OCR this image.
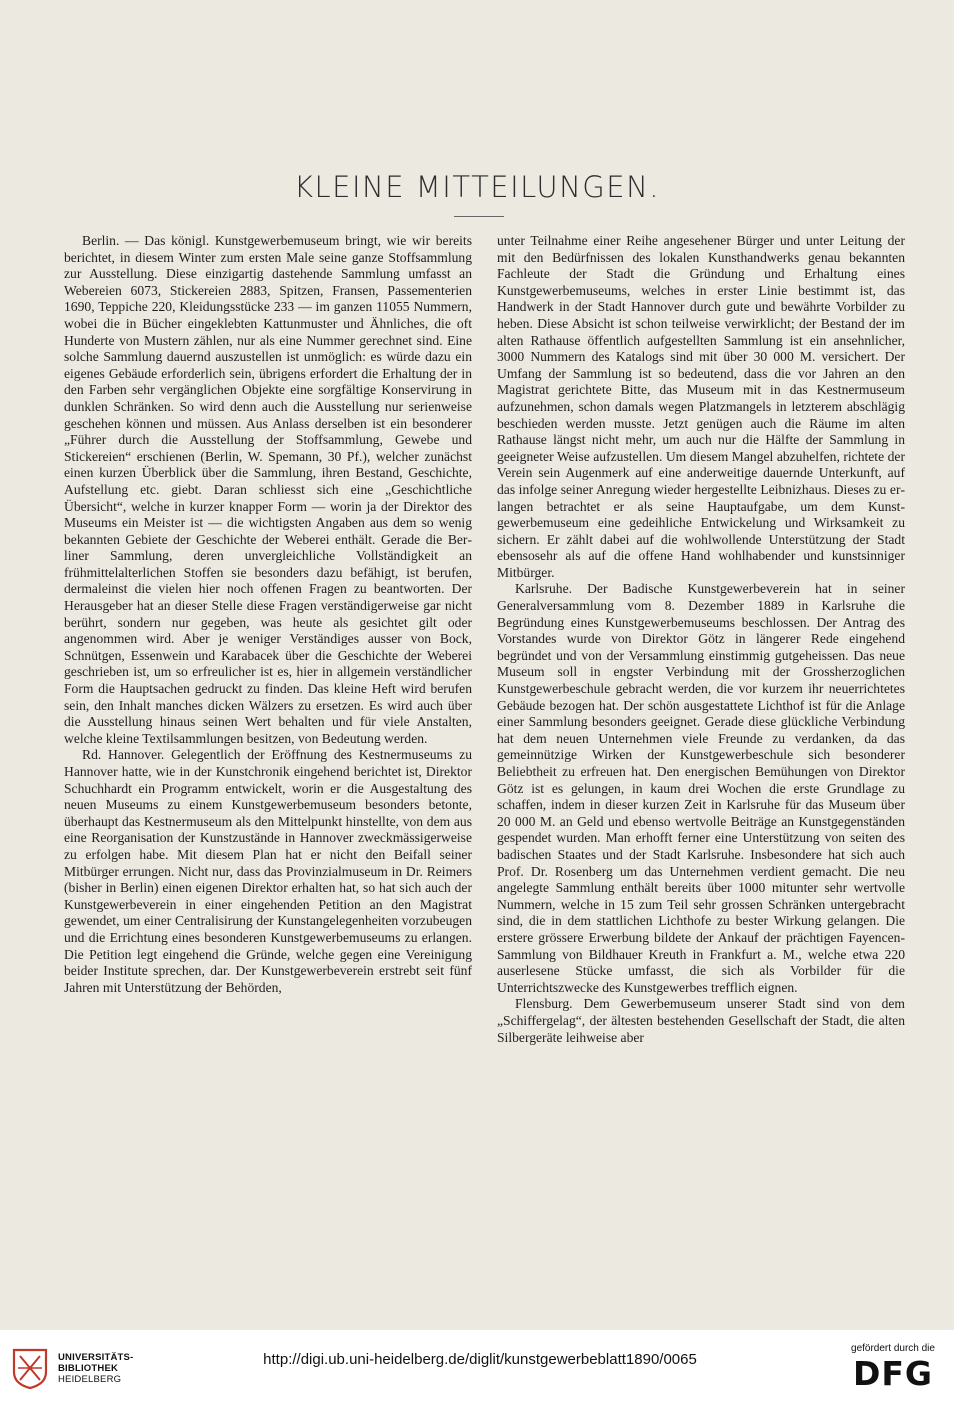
KLEINE MITTEILUNGEN.

Berlin. — Das königl. Kunstgewerbemuseum bringt, wie wir bereits berichtet, in diesem Winter zum ersten Male seine ganze Stoffsammlung zur Ausstellung. Diese einzigartig dastehende Sammlung umfasst an Webereien 6073, Stickereien 2883, Spitzen, Fransen, Passementerien 1690, Teppiche 220, Kleidungsstücke 233 — im ganzen 11055 Nummern, wobei die in Bücher eingeklebten Kattunmuster und Ähnliches, die oft Hunderte von Mustern zählen, nur als eine Nummer gerechnet sind. Eine solche Sammlung dauernd auszustellen ist unmöglich: es würde dazu ein eigenes Gebäude erforderlich sein, übrigens erfordert die Erhaltung der in den Farben sehr vergänglichen Objekte eine sorgfältige Konservirung in dunklen Schränken. So wird denn auch die Ausstellung nur serienweise geschehen können und müssen. Aus Anlass derselben ist ein besonderer „Führer durch die Ausstellung der Stoffsammlung, Gewebe und Stickereien“ erschienen (Berlin, W. Spemann, 30 Pf.), welcher zunächst einen kurzen Überblick über die Sammlung, ihren Bestand, Geschichte, Aufstellung etc. giebt. Daran schliesst sich eine „Geschichtliche Übersicht“, welche in kurzer knapper Form — worin ja der Direktor des Museums ein Meister ist — die wichtigsten Angaben aus dem so wenig bekannten Gebiete der Geschichte der Weberei enthält. Gerade die Berliner Sammlung, deren unvergleichliche Vollständigkeit an frühmittelalterlichen Stoffen sie besonders dazu befähigt, ist berufen, dermaleinst die vielen hier noch offenen Fragen zu beantworten. Der Herausgeber hat an dieser Stelle diese Fragen verständigerweise gar nicht berührt, sondern nur gegeben, was heute als gesichtet gilt oder angenommen wird. Aber je weniger Verständiges ausser von Bock, Schnütgen, Essenwein und Karabacek über die Geschichte der Weberei geschrieben ist, um so erfreulicher ist es, hier in allgemein verständlicher Form die Hauptsachen gedruckt zu finden. Das kleine Heft wird berufen sein, den Inhalt manches dicken Wälzers zu ersetzen. Es wird auch über die Ausstellung hinaus seinen Wert behalten und für viele Anstalten, welche kleine Textilsammlungen besitzen, von Bedeutung werden.

Rd. Hannover. Gelegentlich der Eröffnung des Kestnermuseums zu Hannover hatte, wie in der Kunstchronik eingehend berichtet ist, Direktor Schuchhardt ein Programm entwickelt, worin er die Ausgestaltung des neuen Museums zu einem Kunstgewerbemuseum besonders betonte, überhaupt das Kestnermuseum als den Mittelpunkt hinstellte, von dem aus eine Reorganisation der Kunstzustände in Hannover zweckmässigerweise zu erfolgen habe. Mit diesem Plan hat er nicht den Beifall seiner Mitbürger errungen. Nicht nur, dass das Provinzialmuseum in Dr. Reimers (bisher in Berlin) einen eigenen Direktor erhalten hat, so hat sich auch der Kunstgewerbeverein in einer eingehenden Petition an den Magistrat gewendet, um einer Centralisirung der Kunstangelegenheiten vorzubeugen und die Errichtung eines besonderen Kunstgewerbemuseums zu erlangen. Die Petition legt eingehend die Gründe, welche gegen eine Vereinigung beider Institute sprechen, dar. Der Kunstgewerbeverein erstrebt seit fünf Jahren mit Unterstützung der Behörden,

unter Teilnahme einer Reihe angesehener Bürger und unter Leitung der mit den Bedürfnissen des lokalen Kunsthandwerks genau bekannten Fachleute der Stadt die Gründung und Erhaltung eines Kunstgewerbemuseums, welches in erster Linie bestimmt ist, das Handwerk in der Stadt Hannover durch gute und bewährte Vorbilder zu heben. Diese Absicht ist schon teilweise verwirklicht; der Bestand der im alten Rathause öffentlich aufgestellten Sammlung ist ein ansehnlicher, 3000 Nummern des Katalogs sind mit über 30 000 M. versichert. Der Umfang der Sammlung ist so bedeutend, dass die vor Jahren an den Magistrat gerichtete Bitte, das Museum mit in das Kestnermuseum aufzunehmen, schon damals wegen Platzmangels in letzterem abschlägig beschieden werden musste. Jetzt genügen auch die Räume im alten Rathause längst nicht mehr, um auch nur die Hälfte der Sammlung in geeigneter Weise aufzustellen. Um diesem Mangel abzuhelfen, richtete der Verein sein Augenmerk auf eine anderweitige dauernde Unterkunft, auf das infolge seiner Anregung wieder hergestellte Leibnizhaus. Dieses zu erlangen betrachtet er als seine Hauptaufgabe, um dem Kunstgewerbemuseum eine gedeihliche Entwickelung und Wirksamkeit zu sichern. Er zählt dabei auf die wohlwollende Unterstützung der Stadt ebensosehr als auf die offene Hand wohlhabender und kunstsinniger Mitbürger.

Karlsruhe. Der Badische Kunstgewerbeverein hat in seiner Generalversammlung vom 8. Dezember 1889 in Karlsruhe die Begründung eines Kunstgewerbemuseums beschlossen. Der Antrag des Vorstandes wurde von Direktor Götz in längerer Rede eingehend begründet und von der Versammlung einstimmig gutgeheissen. Das neue Museum soll in engster Verbindung mit der Grossherzoglichen Kunstgewerbeschule gebracht werden, die vor kurzem ihr neuerrichtetes Gebäude bezogen hat. Der schön ausgestattete Lichthof ist für die Anlage einer Sammlung besonders geeignet. Gerade diese glückliche Verbindung hat dem neuen Unternehmen viele Freunde zu verdanken, da das gemeinnützige Wirken der Kunstgewerbeschule sich besonderer Beliebtheit zu erfreuen hat. Den energischen Bemühungen von Direktor Götz ist es gelungen, in kaum drei Wochen die erste Grundlage zu schaffen, indem in dieser kurzen Zeit in Karlsruhe für das Museum über 20 000 M. an Geld und ebenso wertvolle Beiträge an Kunstgegenständen gespendet wurden. Man erhofft ferner eine Unterstützung von seiten des badischen Staates und der Stadt Karlsruhe. Insbesondere hat sich auch Prof. Dr. Rosenberg um das Unternehmen verdient gemacht. Die neu angelegte Sammlung enthält bereits über 1000 mitunter sehr wertvolle Nummern, welche in 15 zum Teil sehr grossen Schränken untergebracht sind, die in dem stattlichen Lichthofe zu bester Wirkung gelangen. Die erstere grössere Erwerbung bildete der Ankauf der prächtigen Fayencen-Sammlung von Bildhauer Kreuth in Frankfurt a. M., welche etwa 220 auserlesene Stücke umfasst, die sich als Vorbilder für die Unterrichtszwecke des Kunstgewerbes trefflich eignen.

Flensburg. Dem Gewerbemuseum unserer Stadt sind von dem „Schiffergelag“, der ältesten bestehenden Gesellschaft der Stadt, die alten Silbergeräte leihweise aber

UNIVERSITÄTS-
BIBLIOTHEK
HEIDELBERG
http://digi.ub.uni-heidelberg.de/diglit/kunstgewerbeblatt1890/0065
gefördert durch die
DFG
